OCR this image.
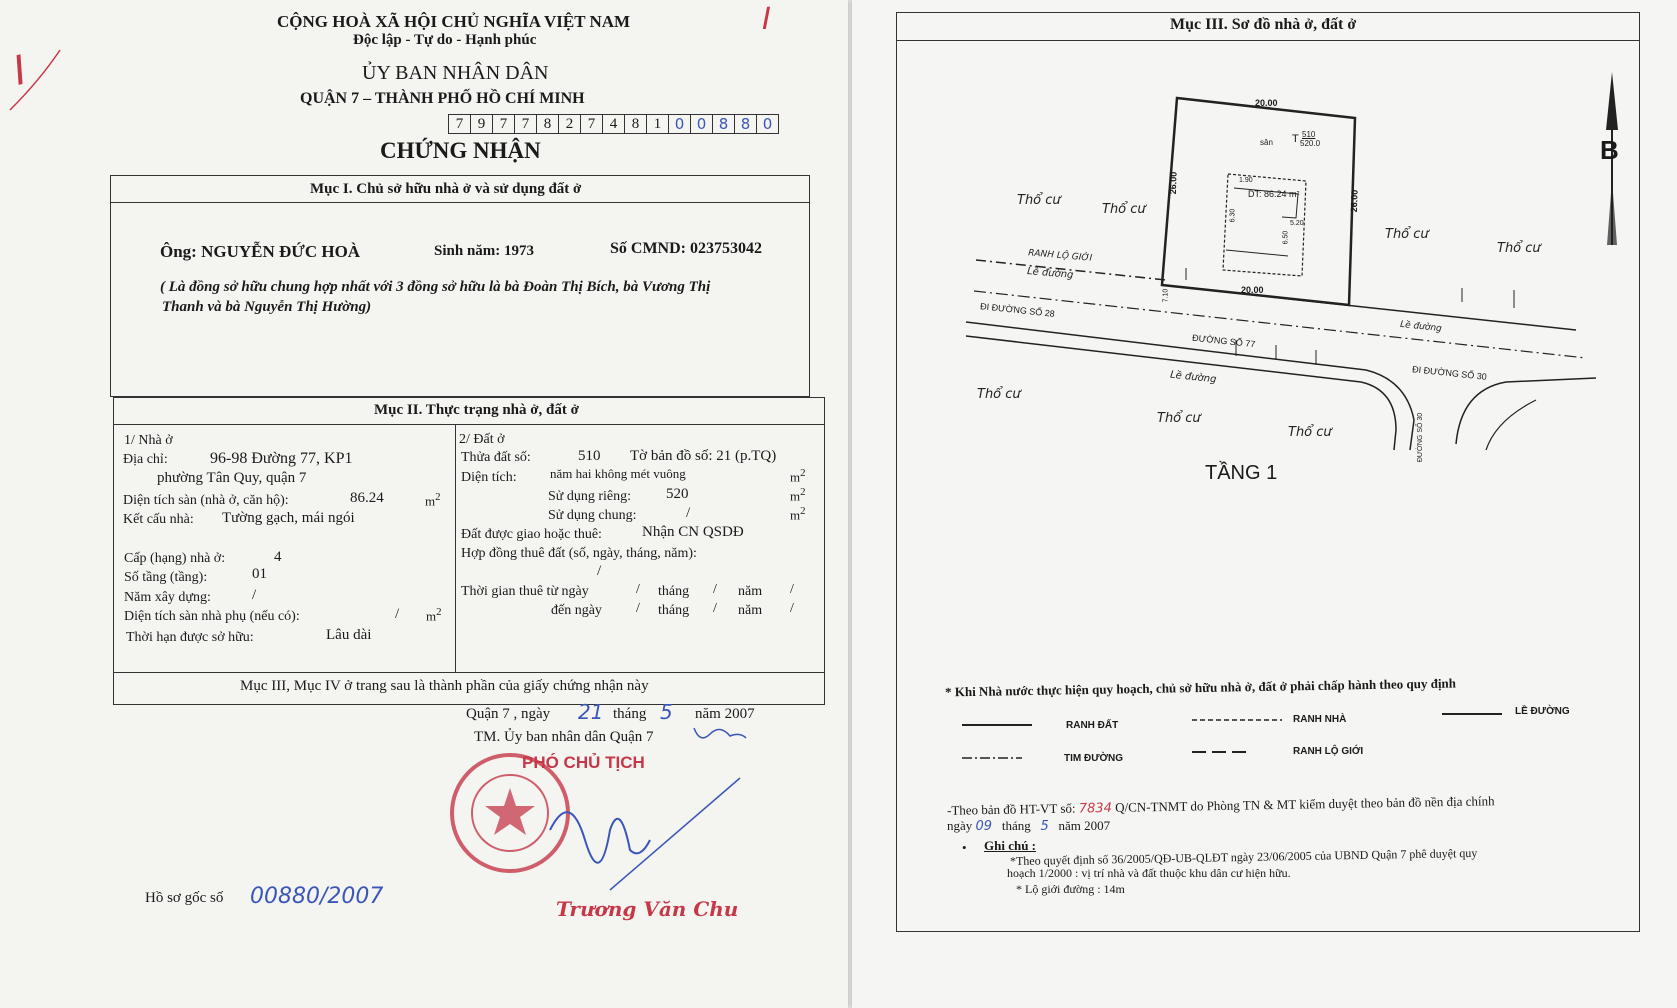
I
CỘNG HOÀ XÃ HỘI CHỦ NGHĨA VIỆT NAM
Độc lập - Tự do - Hạnh phúc
ỦY BAN NHÂN DÂN
QUẬN 7 – THÀNH PHỐ HỒ CHÍ MINH
7 9 7 7 8 2 7 4 8 1 0 0 8 8 0
CHỨNG NHẬN
Mục I. Chủ sở hữu nhà ở và sử dụng đất ở
Ông: NGUYỄN ĐỨC HOÀ	Sinh năm: 1973	Số CMND: 023753042
( Là đồng sở hữu chung hợp nhất với 3 đồng sở hữu là bà Đoàn Thị Bích, bà Vương Thị
Thanh và bà Nguyễn Thị Hường)
Mục II. Thực trạng nhà ở, đất ở
1/ Nhà ở
Địa chỉ:	96-98 Đường 77, KP1
phường Tân Quy, quận 7
Diện tích sàn (nhà ở, căn hộ):	86.24	$m^2$
Kết cấu nhà: Tường gạch, mái ngói
Cấp (hạng) nhà ở:	4
Số tầng (tầng):	01
Năm xây dựng:	/
Diện tích sàn nhà phụ (nếu có):	/ $m^2$
Thời hạn được sở hữu:	Lâu dài
2/ Đất ở
Thửa đất số:	510 Tờ bản đồ số: 21 (p.TQ)
Diện tích:	năm hai không mét vuông	$m^2$
Sử dụng riêng: 520	$m^2$
Sử dụng chung:	/	$m^2$
Đất được giao hoặc thuê:	Nhận CN QSDĐ
Hợp đồng thuê đất (số, ngày, tháng, năm):
/
Thời gian thuê từ ngày	/ tháng / năm /
đến ngày / tháng / năm /
Mục III, Mục IV ở trang sau là thành phần của giấy chứng nhận này
Quận 7 , ngày 21 tháng 5 năm 2007
TM. Ủy ban nhân dân Quận 7
PHÓ CHỦ TỊCH
Trương Văn Chu
Hồ sơ gốc số 00880/2007
I	Mục III. Sơ đồ nhà ở, đất ở
B
20.00
20.00
26.00
26.00
sân T 510
520.0
DT: 86.24 m²
1.90
6.30
6.50
5.20
7.10
Thổ cư
Thổ cư
Thổ cư
Thổ cư
Thổ cư
Thổ cư
Thổ cư
RANH LỘ GIỚI
Lề đường
ĐI ĐƯỜNG SỐ 28
ĐƯỜNG SỐ 77
ĐI ĐƯỜNG SỐ 30
ĐƯỜNG SỐ 30
Lề đường
Lề đường
TẦNG 1
* Khi Nhà nước thực hiện quy hoạch, chủ sở hữu nhà ở, đất ở phải chấp hành theo quy định
RANH ĐẤT
RANH NHÀ
LỀ ĐƯỜNG
TIM ĐƯỜNG
RANH LỘ GIỚI
-Theo bản đồ HT-VT số: 7834 Q/CN-TNMT do Phòng TN & MT kiểm duyệt theo bản đồ nền địa chính
ngày 09 tháng 5 năm 2007
Ghi chú :
•	*Theo quyết định số 36/2005/QĐ-UB-QLĐT ngày 23/06/2005 của UBND Quận 7 phê duyệt quy
hoạch 1/2000 : vị trí nhà và đất thuộc khu dân cư hiện hữu.
* Lộ giới đường : 14m
